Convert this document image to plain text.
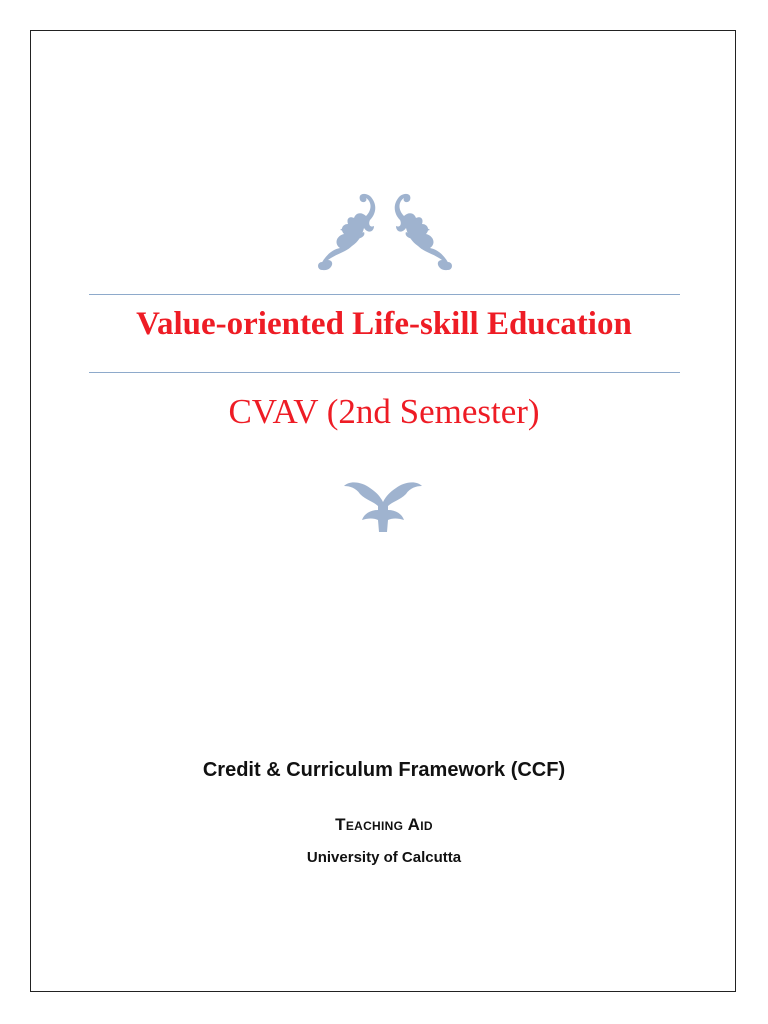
Value-oriented Life-skill Education
CVAV (2nd Semester)
Credit & Curriculum Framework (CCF)
Teaching Aid
University of Calcutta
